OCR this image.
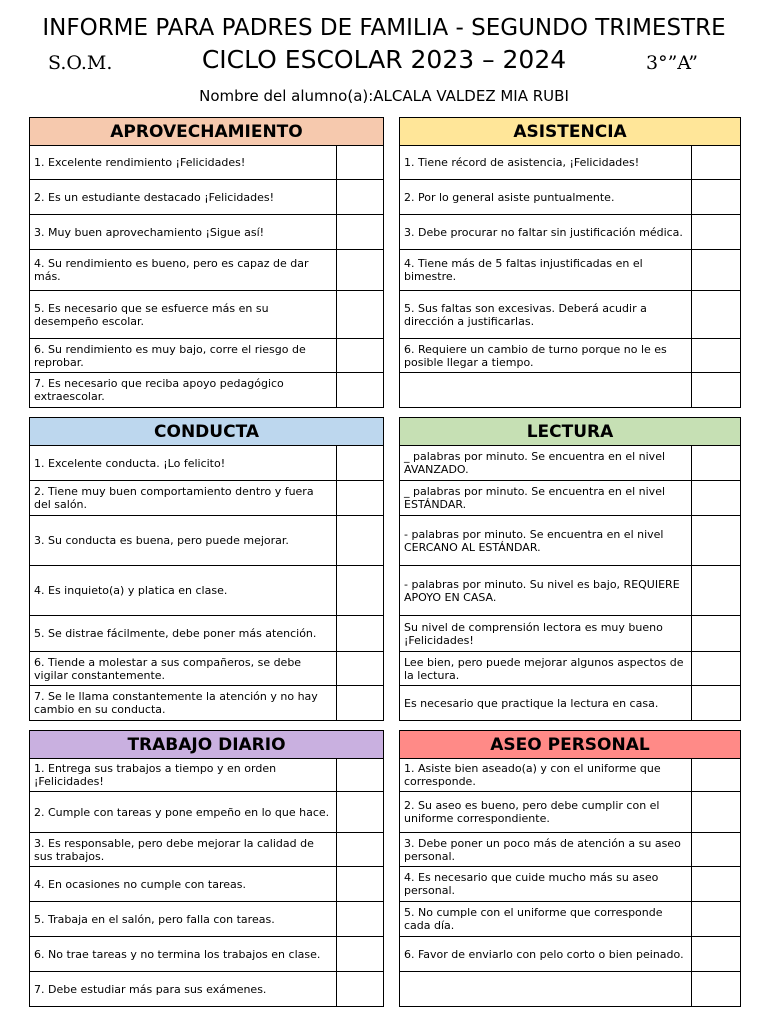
INFORME PARA PADRES DE FAMILIA - SEGUNDO TRIMESTRE
S.O.M.	CICLO ESCOLAR 2023 – 2024	3°”A”
Nombre del alumno(a):ALCALA VALDEZ MIA RUBI
APROVECHAMIENTO	
1. Excelente rendimiento ¡Felicidades!	
2. Es un estudiante destacado ¡Felicidades!	
3. Muy buen aprovechamiento ¡Sigue así!	
4. Su rendimiento es bueno, pero es capaz de dar más.	
5. Es necesario que se esfuerce más en su desempeño escolar.	
6. Su rendimiento es muy bajo, corre el riesgo de reprobar.	
7. Es necesario que reciba apoyo pedagógico extraescolar.	
ASISTENCIA	
1. Tiene récord de asistencia, ¡Felicidades!	
2. Por lo general asiste puntualmente.	
3. Debe procurar no faltar sin justificación médica.	
4. Tiene más de 5 faltas injustificadas en el bimestre.	
5. Sus faltas son excesivas. Deberá acudir a dirección a justificarlas.	
6. Requiere un cambio de turno porque no le es posible llegar a tiempo.	

CONDUCTA	
1. Excelente conducta. ¡Lo felicito!	
2. Tiene muy buen comportamiento dentro y fuera del salón.	
3. Su conducta es buena, pero puede mejorar.	
4. Es inquieto(a) y platica en clase.	
5. Se distrae fácilmente, debe poner más atención.	
6. Tiende a molestar a sus compañeros, se debe vigilar constantemente.	
7. Se le llama constantemente la atención y no hay cambio en su conducta.	
LECTURA	
_ palabras por minuto. Se encuentra en el nivel AVANZADO.	
_ palabras por minuto. Se encuentra en el nivel ESTÁNDAR.	
- palabras por minuto. Se encuentra en el nivel CERCANO AL ESTÁNDAR.	
- palabras por minuto. Su nivel es bajo, REQUIERE APOYO EN CASA.	
Su nivel de comprensión lectora es muy bueno ¡Felicidades!	
Lee bien, pero puede mejorar algunos aspectos de la lectura.	
Es necesario que practique la lectura en casa.	
TRABAJO DIARIO	
1. Entrega sus trabajos a tiempo y en orden ¡Felicidades!	
2. Cumple con tareas y pone empeño en lo que hace.	
3. Es responsable, pero debe mejorar la calidad de sus trabajos.	
4. En ocasiones no cumple con tareas.	
5. Trabaja en el salón, pero falla con tareas.	
6. No trae tareas y no termina los trabajos en clase.	
7. Debe estudiar más para sus exámenes.	
ASEO PERSONAL	
1. Asiste bien aseado(a) y con el uniforme que corresponde.	
2. Su aseo es bueno, pero debe cumplir con el uniforme correspondiente.	
3. Debe poner un poco más de atención a su aseo personal.	
4. Es necesario que cuide mucho más su aseo personal.	
5. No cumple con el uniforme que corresponde cada día.	
6. Favor de enviarlo con pelo corto o bien peinado.	
